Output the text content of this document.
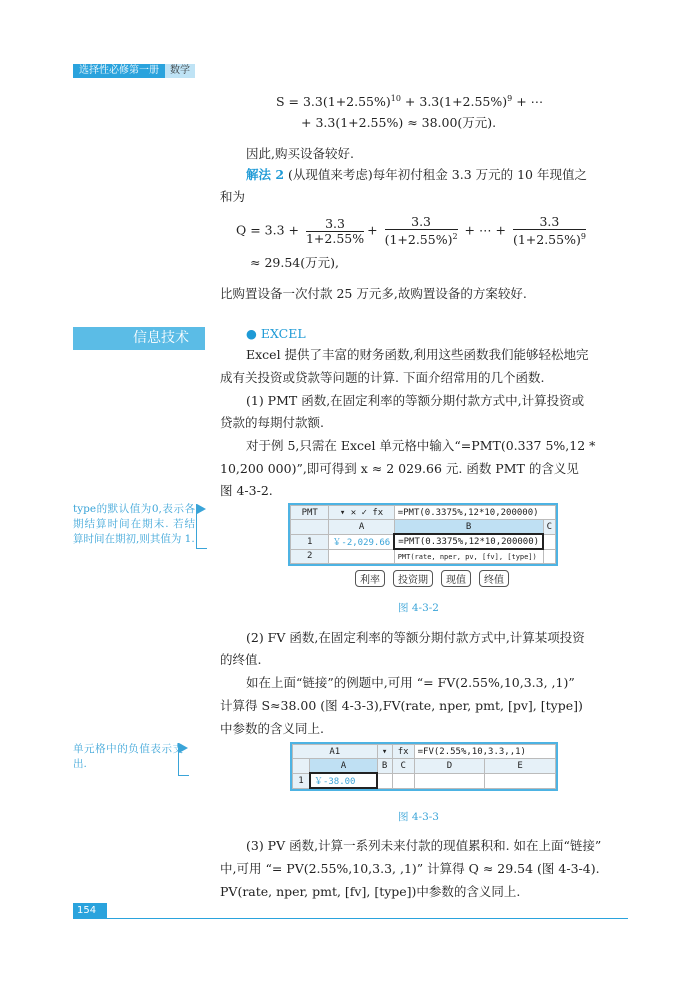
选择性必修第一册	数学
$S = 3.3(1+2.55\%)^{10} + 3.3(1+2.55\%)^9$ + ⋯
+ 3.3(1+2.55%) ≈ 38.00(万元).
因此,购买设备较好.
解法 2 (从现值来考虑)每年初付租金 3.3 万元的 10 年现值之
和为
$Q = 3.3 + \frac{3.3}{1+2.55\%} + \frac{3.3}{(1+2.55\%)^2}$ + ⋯ + $\frac{3.3}{(1+2.55\%)^9}$
≈ 29.54(万元),
比购置设备一次付款 25 万元多,故购置设备的方案较好.
信息技术	● EXCEL
Excel 提供了丰富的财务函数,利用这些函数我们能够轻松地完
成有关投资或贷款等问题的计算. 下面介绍常用的几个函数.
(1) PMT 函数,在固定利率的等额分期付款方式中,计算投资或
贷款的每期付款额.
对于例 5,只需在 Excel 单元格中输入“=PMT(0.337 5%,12 *
10,200 000)”,即可得到 x ≈ 2 029.66 元. 函数 PMT 的含义见
图 4-3-2.
type的默认值为0,表示各期结算时间在期末. 若结算时间在期初,则其值为 1.
PMT	▾ ✕ ✓ fx	=PMT(0.3375%,12*10,200000)	
	A	B	C
1	￥-2,029.66	=PMT(0.3375%,12*10,200000)	
2		PMT(rate, nper, pv, [fv], [type])	
利率 投资期 现值 终值
图 4-3-2
(2) FV 函数,在固定利率的等额分期付款方式中,计算某项投资
的终值.
如在上面“链接”的例题中,可用 “= FV(2.55%,10,3.3, ,1)”
计算得 S≈38.00 (图 4-3-3),FV(rate, nper, pmt, [pv], [type])
中参数的含义同上.
单元格中的负值表示支出.
A1		▾	fx	=FV(2.55%,10,3.3,,1)	
	A	B	C	D	E
1	￥-38.00				
图 4-3-3
(3) PV 函数,计算一系列未来付款的现值累积和. 如在上面“链接”
中,可用 “= PV(2.55%,10,3.3, ,1)” 计算得 Q ≈ 29.54 (图 4-3-4).
PV(rate, nper, pmt, [fv], [type])中参数的含义同上.
154
